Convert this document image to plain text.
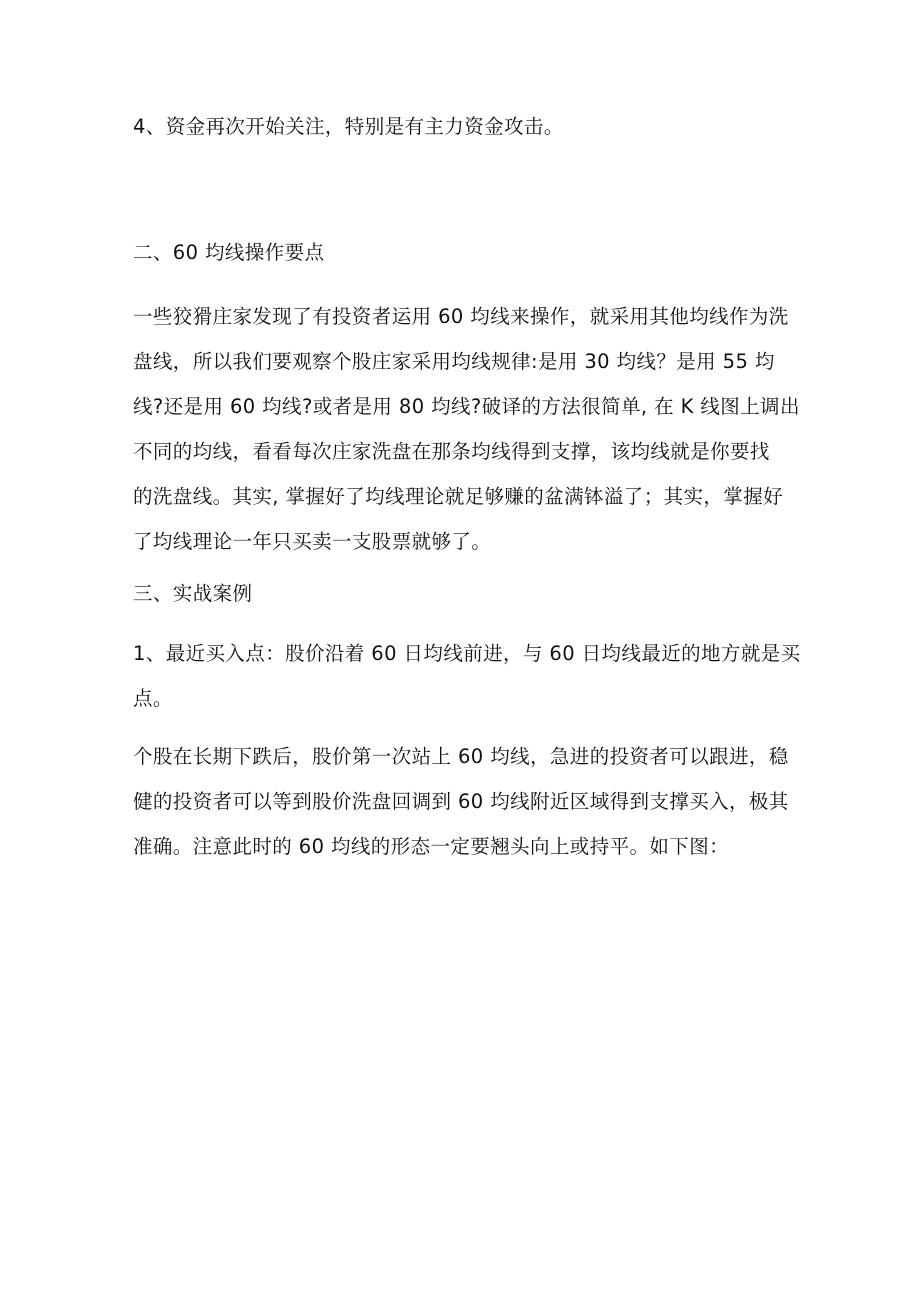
4、资金再次开始关注，特别是有主力资金攻击。

二、60 均线操作要点
一些狡猾庄家发现了有投资者运用 60 均线来操作，就采用其他均线作为洗
盘线，所以我们要观察个股庄家采用均线规律:是用 30 均线？是用 55 均
线?还是用 60 均线?或者是用 80 均线?破译的方法很简单, 在 K 线图上调出
不同的均线，看看每次庄家洗盘在那条均线得到支撑，该均线就是你要找
的洗盘线。其实, 掌握好了均线理论就足够赚的盆满钵溢了；其实，掌握好
了均线理论一年只买卖一支股票就够了。
三、实战案例
1、最近买入点：股价沿着 60 日均线前进，与 60 日均线最近的地方就是买
点。
个股在长期下跌后，股价第一次站上 60 均线，急进的投资者可以跟进，稳
健的投资者可以等到股价洗盘回调到 60 均线附近区域得到支撑买入，极其
准确。注意此时的 60 均线的形态一定要翘头向上或持平。如下图：
